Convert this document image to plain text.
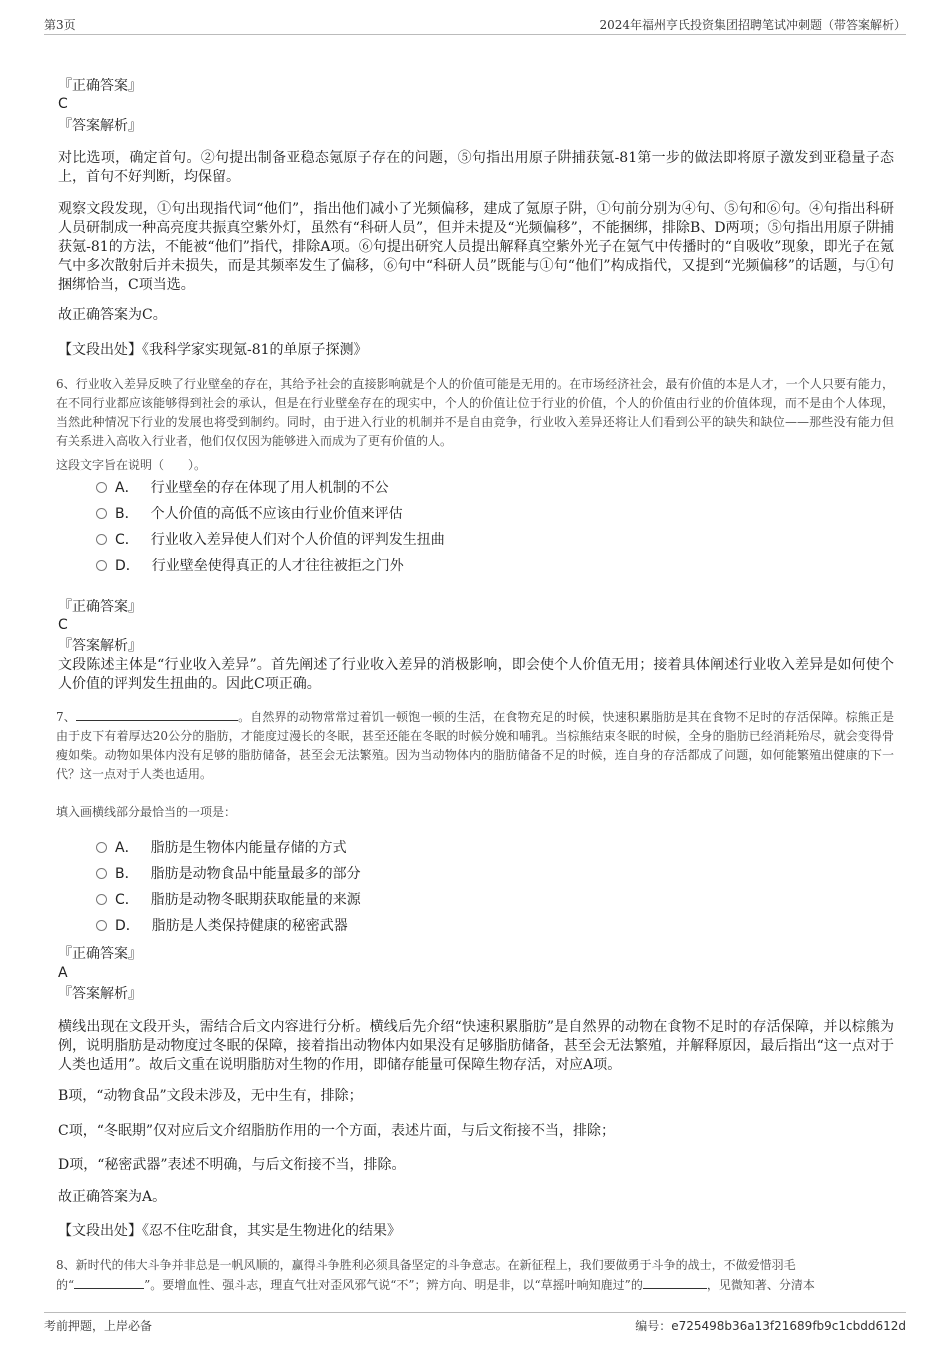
第3页	2024年福州亨氏投资集团招聘笔试冲刺题（带答案解析）
『正确答案』
C
『答案解析』
对比选项，确定首句。②句提出制备亚稳态氪原子存在的问题，⑤句指出用原子阱捕获氪-81第一步的做法即将原子激发到亚稳量子态上，首句不好判断，均保留。
观察文段发现，①句出现指代词“他们”，指出他们减小了光频偏移，建成了氪原子阱，①句前分别为④句、⑤句和⑥句。④句指出科研人员研制成一种高亮度共振真空紫外灯，虽然有“科研人员”，但并未提及“光频偏移”，不能捆绑，排除B、D两项；⑤句指出用原子阱捕获氪-81的方法，不能被“他们”指代，排除A项。⑥句提出研究人员提出解释真空紫外光子在氪气中传播时的“自吸收”现象，即光子在氪气中多次散射后并未损失，而是其频率发生了偏移，⑥句中“科研人员”既能与①句“他们”构成指代，又提到“光频偏移”的话题，与①句捆绑恰当，C项当选。
故正确答案为C。
【文段出处】《我科学家实现氪-81的单原子探测》
6、行业收入差异反映了行业壁垒的存在，其给予社会的直接影响就是个人的价值可能是无用的。在市场经济社会，最有价值的本是人才，一个人只要有能力，在不同行业都应该能够得到社会的承认，但是在行业壁垒存在的现实中，个人的价值让位于行业的价值，个人的价值由行业的价值体现，而不是由个人体现，当然此种情况下行业的发展也将受到制约。同时，由于进入行业的机制并不是自由竞争，行业收入差异还将让人们看到公平的缺失和缺位——那些没有能力但有关系进入高收入行业者，他们仅仅因为能够进入而成为了更有价值的人。
这段文字旨在说明（　　）。
A． 行业壁垒的存在体现了用人机制的不公
B． 个人价值的高低不应该由行业价值来评估
C． 行业收入差异使人们对个人价值的评判发生扭曲
D． 行业壁垒使得真正的人才往往被拒之门外
『正确答案』
C
『答案解析』
文段陈述主体是“行业收入差异”。首先阐述了行业收入差异的消极影响，即会使个人价值无用；接着具体阐述行业收入差异是如何使个人价值的评判发生扭曲的。因此C项正确。
7、	。自然界的动物常常过着饥一顿饱一顿的生活，在食物充足的时候，快速积累脂肪是其在食物不足时的存活保障。棕熊正是由于皮下有着厚达20公分的脂肪，才能度过漫长的冬眠，甚至还能在冬眠的时候分娩和哺乳。当棕熊结束冬眠的时候，全身的脂肪已经消耗殆尽，就会变得骨瘦如柴。动物如果体内没有足够的脂肪储备，甚至会无法繁殖。因为当动物体内的脂肪储备不足的时候，连自身的存活都成了问题，如何能繁殖出健康的下一代？这一点对于人类也适用。
填入画横线部分最恰当的一项是：
A． 脂肪是生物体内能量存储的方式
B． 脂肪是动物食品中能量最多的部分
C． 脂肪是动物冬眠期获取能量的来源
D． 脂肪是人类保持健康的秘密武器
『正确答案』
A
『答案解析』
横线出现在文段开头，需结合后文内容进行分析。横线后先介绍“快速积累脂肪”是自然界的动物在食物不足时的存活保障，并以棕熊为例，说明脂肪是动物度过冬眠的保障，接着指出动物体内如果没有足够脂肪储备，甚至会无法繁殖，并解释原因，最后指出“这一点对于人类也适用”。故后文重在说明脂肪对生物的作用，即储存能量可保障生物存活，对应A项。
B项，“动物食品”文段未涉及，无中生有，排除；
C项，“冬眠期”仅对应后文介绍脂肪作用的一个方面，表述片面，与后文衔接不当，排除；
D项，“秘密武器”表述不明确，与后文衔接不当，排除。
故正确答案为A。
【文段出处】《忍不住吃甜食，其实是生物进化的结果》
8、新时代的伟大斗争并非总是一帆风顺的，赢得斗争胜利必须具备坚定的斗争意志。在新征程上，我们要做勇于斗争的战士，不做爱惜羽毛
的“	”。要增血性、强斗志，理直气壮对歪风邪气说“不”；辨方向、明是非，以“草摇叶响知鹿过”的	，见微知著、分清本
考前押题，上岸必备	编号：e725498b36a13f21689fb9c1cbdd612d
